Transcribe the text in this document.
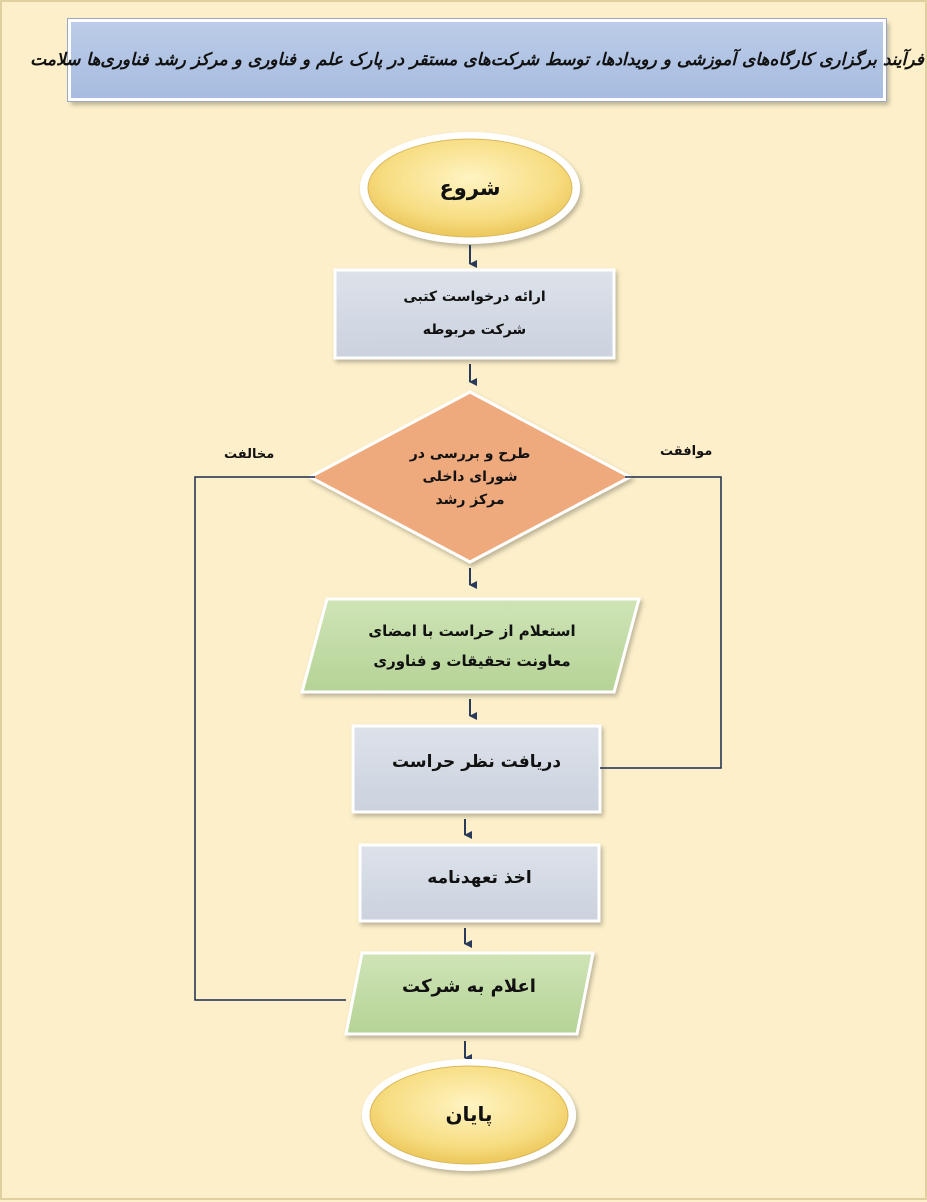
فرآیند برگزاری کارگاه‌های آموزشی و رویدادها، توسط شرکت‌های مستقر در پارک علم و فناوری و مرکز رشد فناوری‌ها سلامت
شروع
ارائه درخواست کتبی
شرکت مربوطه
طرح و بررسی در
شورای داخلی
مرکز رشد
استعلام از حراست با امضای
معاونت تحقیقات و فناوری
دریافت نظر حراست
اخذ تعهدنامه
اعلام به شرکت
پایان
موافقت
مخالفت
